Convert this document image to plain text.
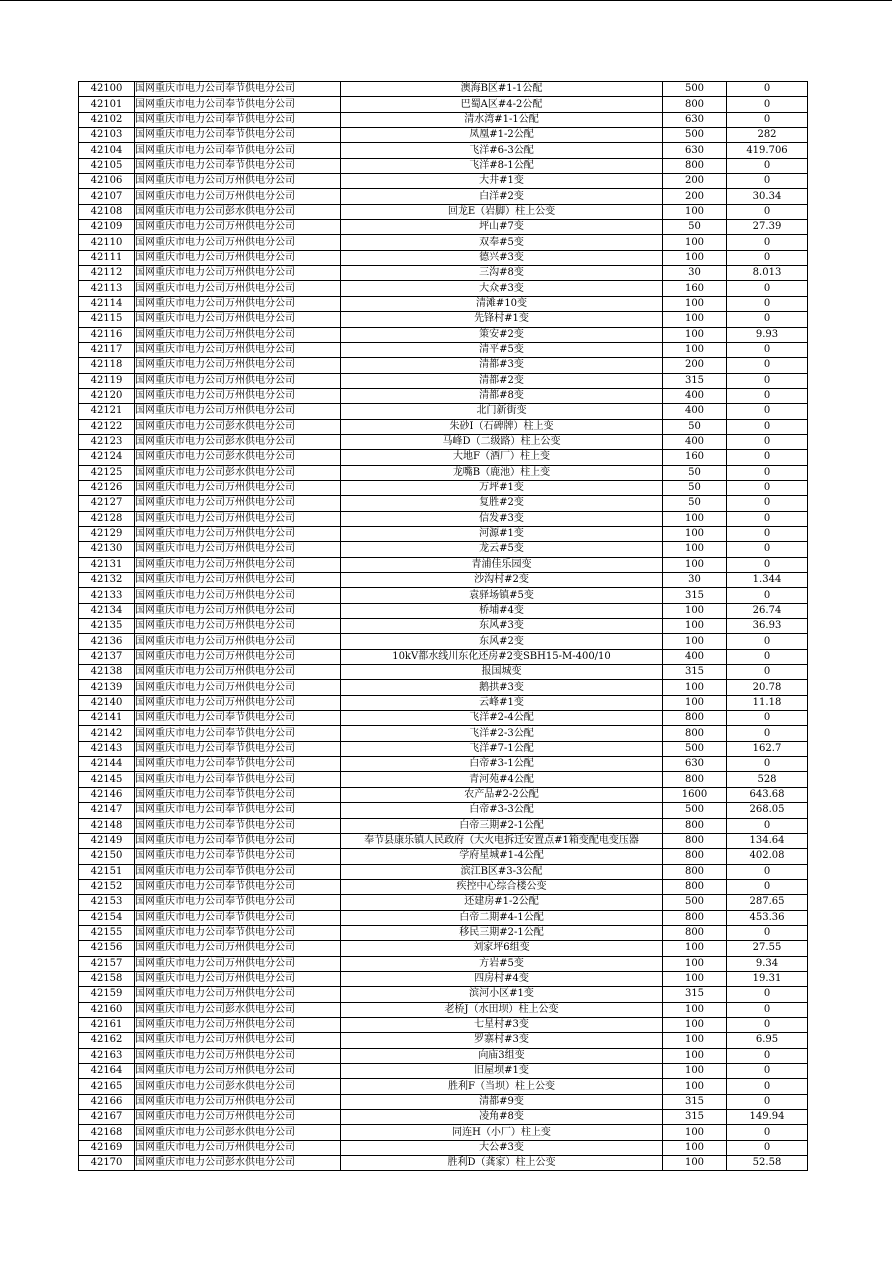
42100	国网重庆市电力公司奉节供电分公司	澳海B区#1-1公配	500	0
42101	国网重庆市电力公司奉节供电分公司	巴蜀A区#4-2公配	800	0
42102	国网重庆市电力公司奉节供电分公司	清水湾#1-1公配	630	0
42103	国网重庆市电力公司奉节供电分公司	凤凰#1-2公配	500	282
42104	国网重庆市电力公司奉节供电分公司	飞洋#6-3公配	630	419.706
42105	国网重庆市电力公司奉节供电分公司	飞洋#8-1公配	800	0
42106	国网重庆市电力公司万州供电分公司	大井#1变	200	0
42107	国网重庆市电力公司万州供电分公司	白洋#2变	200	30.34
42108	国网重庆市电力公司彭水供电分公司	回龙E（岩脚）柱上公变	100	0
42109	国网重庆市电力公司万州供电分公司	坪山#7变	50	27.39
42110	国网重庆市电力公司万州供电分公司	双奉#5变	100	0
42111	国网重庆市电力公司万州供电分公司	德兴#3变	100	0
42112	国网重庆市电力公司万州供电分公司	三沟#8变	30	8.013
42113	国网重庆市电力公司万州供电分公司	大众#3变	160	0
42114	国网重庆市电力公司万州供电分公司	清滩#10变	100	0
42115	国网重庆市电力公司万州供电分公司	先锋村#1变	100	0
42116	国网重庆市电力公司万州供电分公司	策安#2变	100	9.93
42117	国网重庆市电力公司万州供电分公司	清平#5变	100	0
42118	国网重庆市电力公司万州供电分公司	清都#3变	200	0
42119	国网重庆市电力公司万州供电分公司	清都#2变	315	0
42120	国网重庆市电力公司万州供电分公司	清都#8变	400	0
42121	国网重庆市电力公司万州供电分公司	北门新街变	400	0
42122	国网重庆市电力公司彭水供电分公司	朱砂I（石碑牌）柱上变	50	0
42123	国网重庆市电力公司彭水供电分公司	马峰D（二级路）柱上公变	400	0
42124	国网重庆市电力公司彭水供电分公司	大地F（酒厂）柱上变	160	0
42125	国网重庆市电力公司彭水供电分公司	龙嘴B（鹿池）柱上变	50	0
42126	国网重庆市电力公司万州供电分公司	万坪#1变	50	0
42127	国网重庆市电力公司万州供电分公司	复胜#2变	50	0
42128	国网重庆市电力公司万州供电分公司	信发#3变	100	0
42129	国网重庆市电力公司万州供电分公司	河源#1变	100	0
42130	国网重庆市电力公司万州供电分公司	龙云#5变	100	0
42131	国网重庆市电力公司万州供电分公司	青浦佳乐园变	100	0
42132	国网重庆市电力公司万州供电分公司	沙沟村#2变	30	1.344
42133	国网重庆市电力公司万州供电分公司	袁驿场镇#5变	315	0
42134	国网重庆市电力公司万州供电分公司	桥埔#4变	100	26.74
42135	国网重庆市电力公司万州供电分公司	东风#3变	100	36.93
42136	国网重庆市电力公司万州供电分公司	东风#2变	100	0
42137	国网重庆市电力公司万州供电分公司	10kV都水线川东化还房#2变SBH15-M-400/10	400	0
42138	国网重庆市电力公司万州供电分公司	报国城变	315	0
42139	国网重庆市电力公司万州供电分公司	鹅拱#3变	100	20.78
42140	国网重庆市电力公司万州供电分公司	云峰#1变	100	11.18
42141	国网重庆市电力公司奉节供电分公司	飞洋#2-4公配	800	0
42142	国网重庆市电力公司奉节供电分公司	飞洋#2-3公配	800	0
42143	国网重庆市电力公司奉节供电分公司	飞洋#7-1公配	500	162.7
42144	国网重庆市电力公司奉节供电分公司	白帝#3-1公配	630	0
42145	国网重庆市电力公司奉节供电分公司	青河苑#4公配	800	528
42146	国网重庆市电力公司奉节供电分公司	农产品#2-2公配	1600	643.68
42147	国网重庆市电力公司奉节供电分公司	白帝#3-3公配	500	268.05
42148	国网重庆市电力公司奉节供电分公司	白帝三期#2-1公配	800	0
42149	国网重庆市电力公司奉节供电分公司	奉节县康乐镇人民政府（大火电拆迁安置点#1箱变配电变压器	800	134.64
42150	国网重庆市电力公司奉节供电分公司	学府星城#1-4公配	800	402.08
42151	国网重庆市电力公司奉节供电分公司	滨江B区#3-3公配	800	0
42152	国网重庆市电力公司奉节供电分公司	疾控中心综合楼公变	800	0
42153	国网重庆市电力公司奉节供电分公司	还建房#1-2公配	500	287.65
42154	国网重庆市电力公司奉节供电分公司	白帝二期#4-1公配	800	453.36
42155	国网重庆市电力公司奉节供电分公司	移民三期#2-1公配	800	0
42156	国网重庆市电力公司万州供电分公司	刘家坪6组变	100	27.55
42157	国网重庆市电力公司万州供电分公司	方岩#5变	100	9.34
42158	国网重庆市电力公司万州供电分公司	四房村#4变	100	19.31
42159	国网重庆市电力公司万州供电分公司	滨河小区#1变	315	0
42160	国网重庆市电力公司彭水供电分公司	老桥J（水田坝）柱上公变	100	0
42161	国网重庆市电力公司万州供电分公司	七星村#3变	100	0
42162	国网重庆市电力公司万州供电分公司	罗寨村#3变	100	6.95
42163	国网重庆市电力公司万州供电分公司	向庙3组变	100	0
42164	国网重庆市电力公司万州供电分公司	旧屋坝#1变	100	0
42165	国网重庆市电力公司彭水供电分公司	胜利F（当坝）柱上公变	100	0
42166	国网重庆市电力公司万州供电分公司	清都#9变	315	0
42167	国网重庆市电力公司万州供电分公司	凌角#8变	315	149.94
42168	国网重庆市电力公司彭水供电分公司	同连H（小厂）柱上变	100	0
42169	国网重庆市电力公司万州供电分公司	大公#3变	100	0
42170	国网重庆市电力公司彭水供电分公司	胜利D（龚家）柱上公变	100	52.58
